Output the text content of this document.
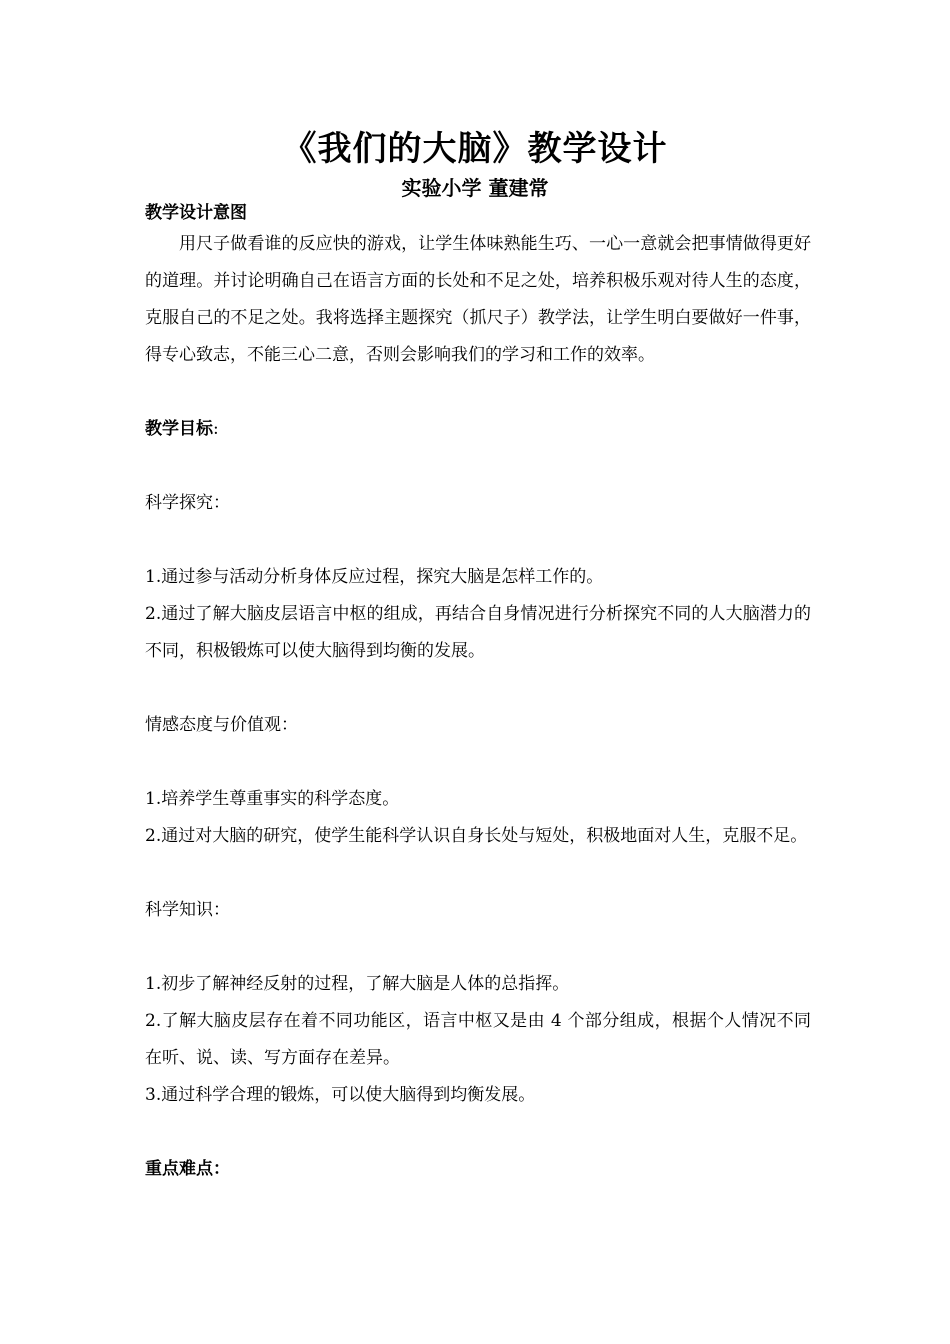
《我们的大脑》教学设计
实验小学 董建常

教学设计意图

用尺子做看谁的反应快的游戏，让学生体味熟能生巧、一心一意就会把事情做得更好的道理。并讨论明确自己在语言方面的长处和不足之处，培养积极乐观对待人生的态度，克服自己的不足之处。我将选择主题探究（抓尺子）教学法，让学生明白要做好一件事，得专心致志，不能三心二意，否则会影响我们的学习和工作的效率。

教学目标:

科学探究：

1.通过参与活动分析身体反应过程，探究大脑是怎样工作的。

2.通过了解大脑皮层语言中枢的组成，再结合自身情况进行分析探究不同的人大脑潜力的不同，积极锻炼可以使大脑得到均衡的发展。

情感态度与价值观：

1.培养学生尊重事实的科学态度。

2.通过对大脑的研究，使学生能科学认识自身长处与短处，积极地面对人生，克服不足。

科学知识：

1.初步了解神经反射的过程，了解大脑是人体的总指挥。

2.了解大脑皮层存在着不同功能区，语言中枢又是由 4 个部分组成，根据个人情况不同在听、说、读、写方面存在差异。

3.通过科学合理的锻炼，可以使大脑得到均衡发展。

重点难点：
